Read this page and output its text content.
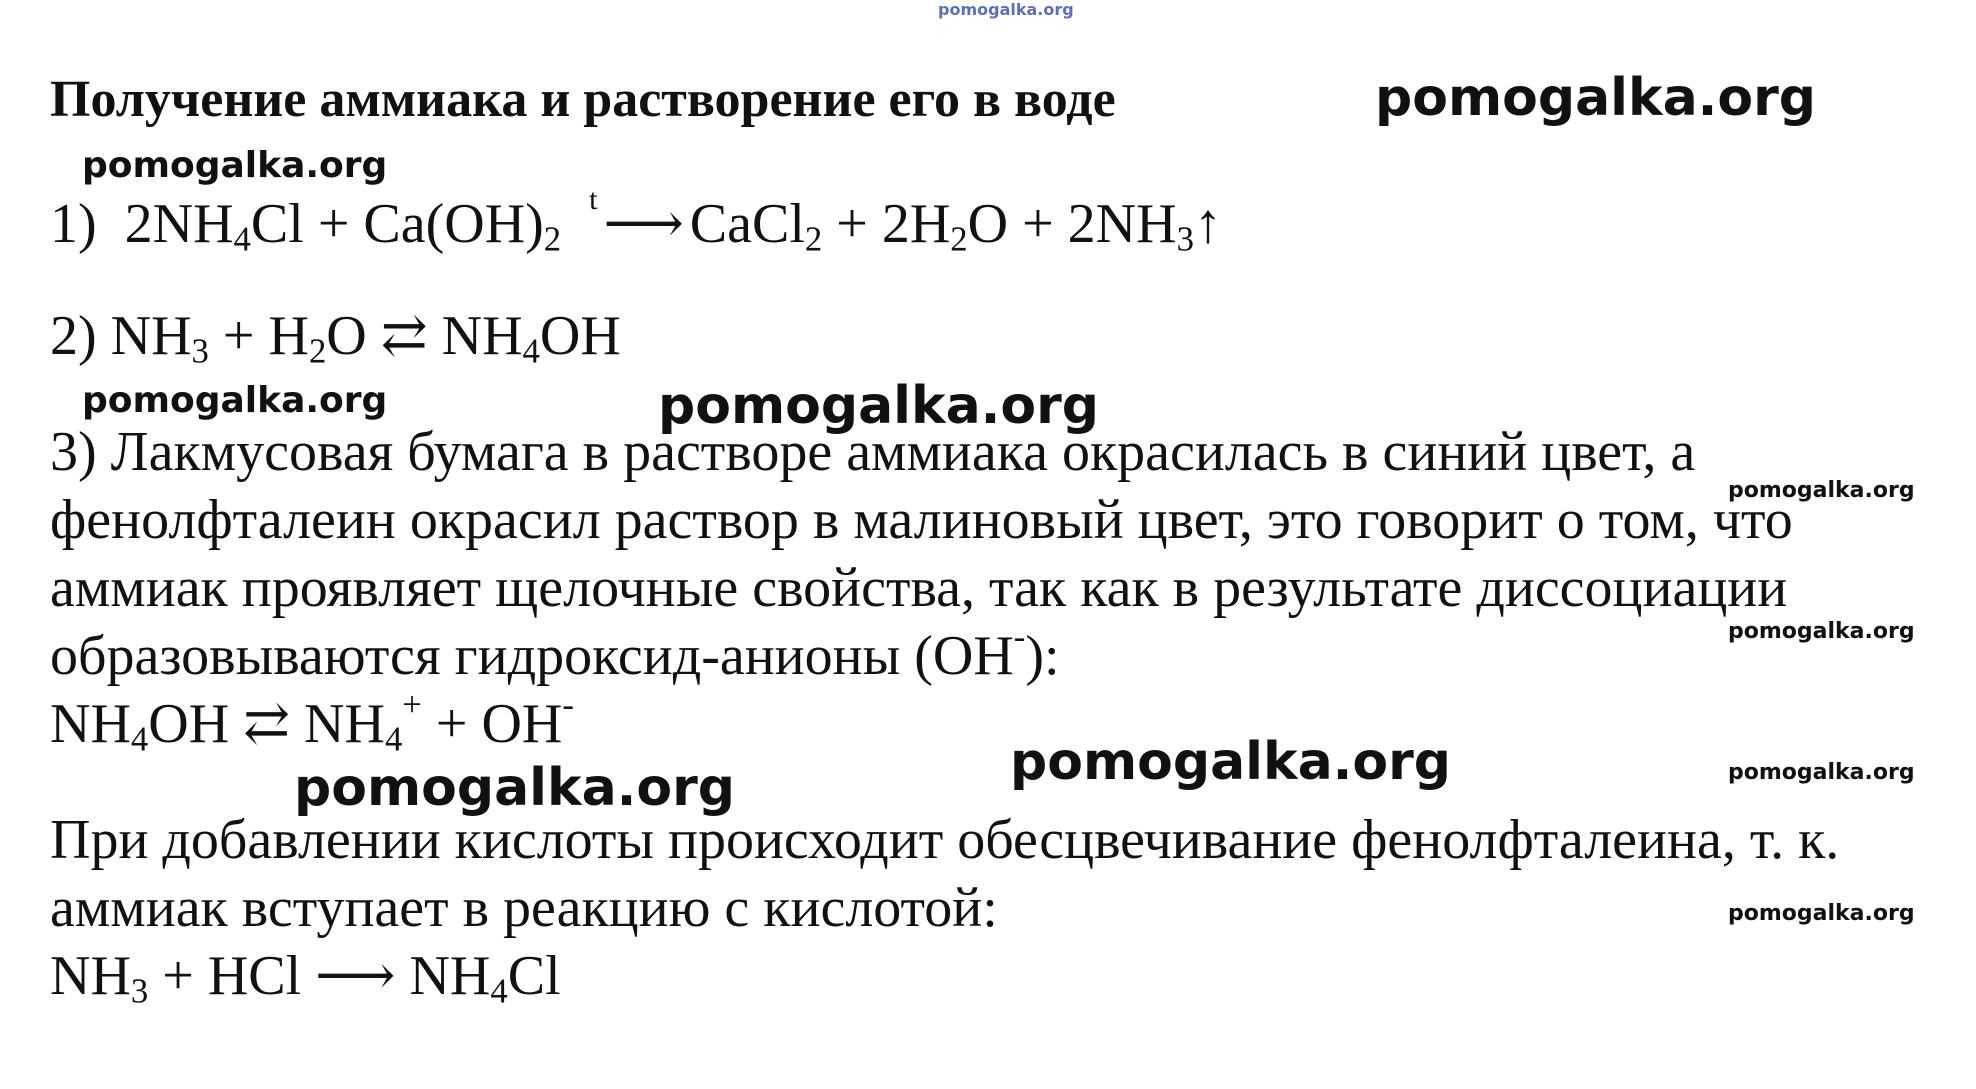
pomogalka.org
pomogalka.org
pomogalka.org
pomogalka.org	pomogalka.org
pomogalka.org
pomogalka.org
pomogalka.org	pomogalka.org
pomogalka.org
pomogalka.org
Получение аммиака и растворение его в воде
1) $2NH_4Cl + Ca(OH)_2$ $^t$ ⟶ CaCl$_2$ + $2H_2O$ + $2NH_3↑$
2) $NH_3 + H_2O$ ⇄ $NH_4OH$
3) Лакмусовая бумага в растворе аммиака окрасилась в синий цвет, а
фенолфталеин окрасил раствор в малиновый цвет, это говорит о том, что
аммиак проявляет щелочные свойства, так как в результате диссоциации
образовываются гидроксид-анионы (OH-):
$NH_4OH$ ⇄ $NH_4^+ + OH^-$
При добавлении кислоты происходит обесцвечивание фенолфталеина, т. к.
аммиак вступает в реакцию с кислотой:
$NH_3$ + HCl ⟶ $NH_4Cl$
